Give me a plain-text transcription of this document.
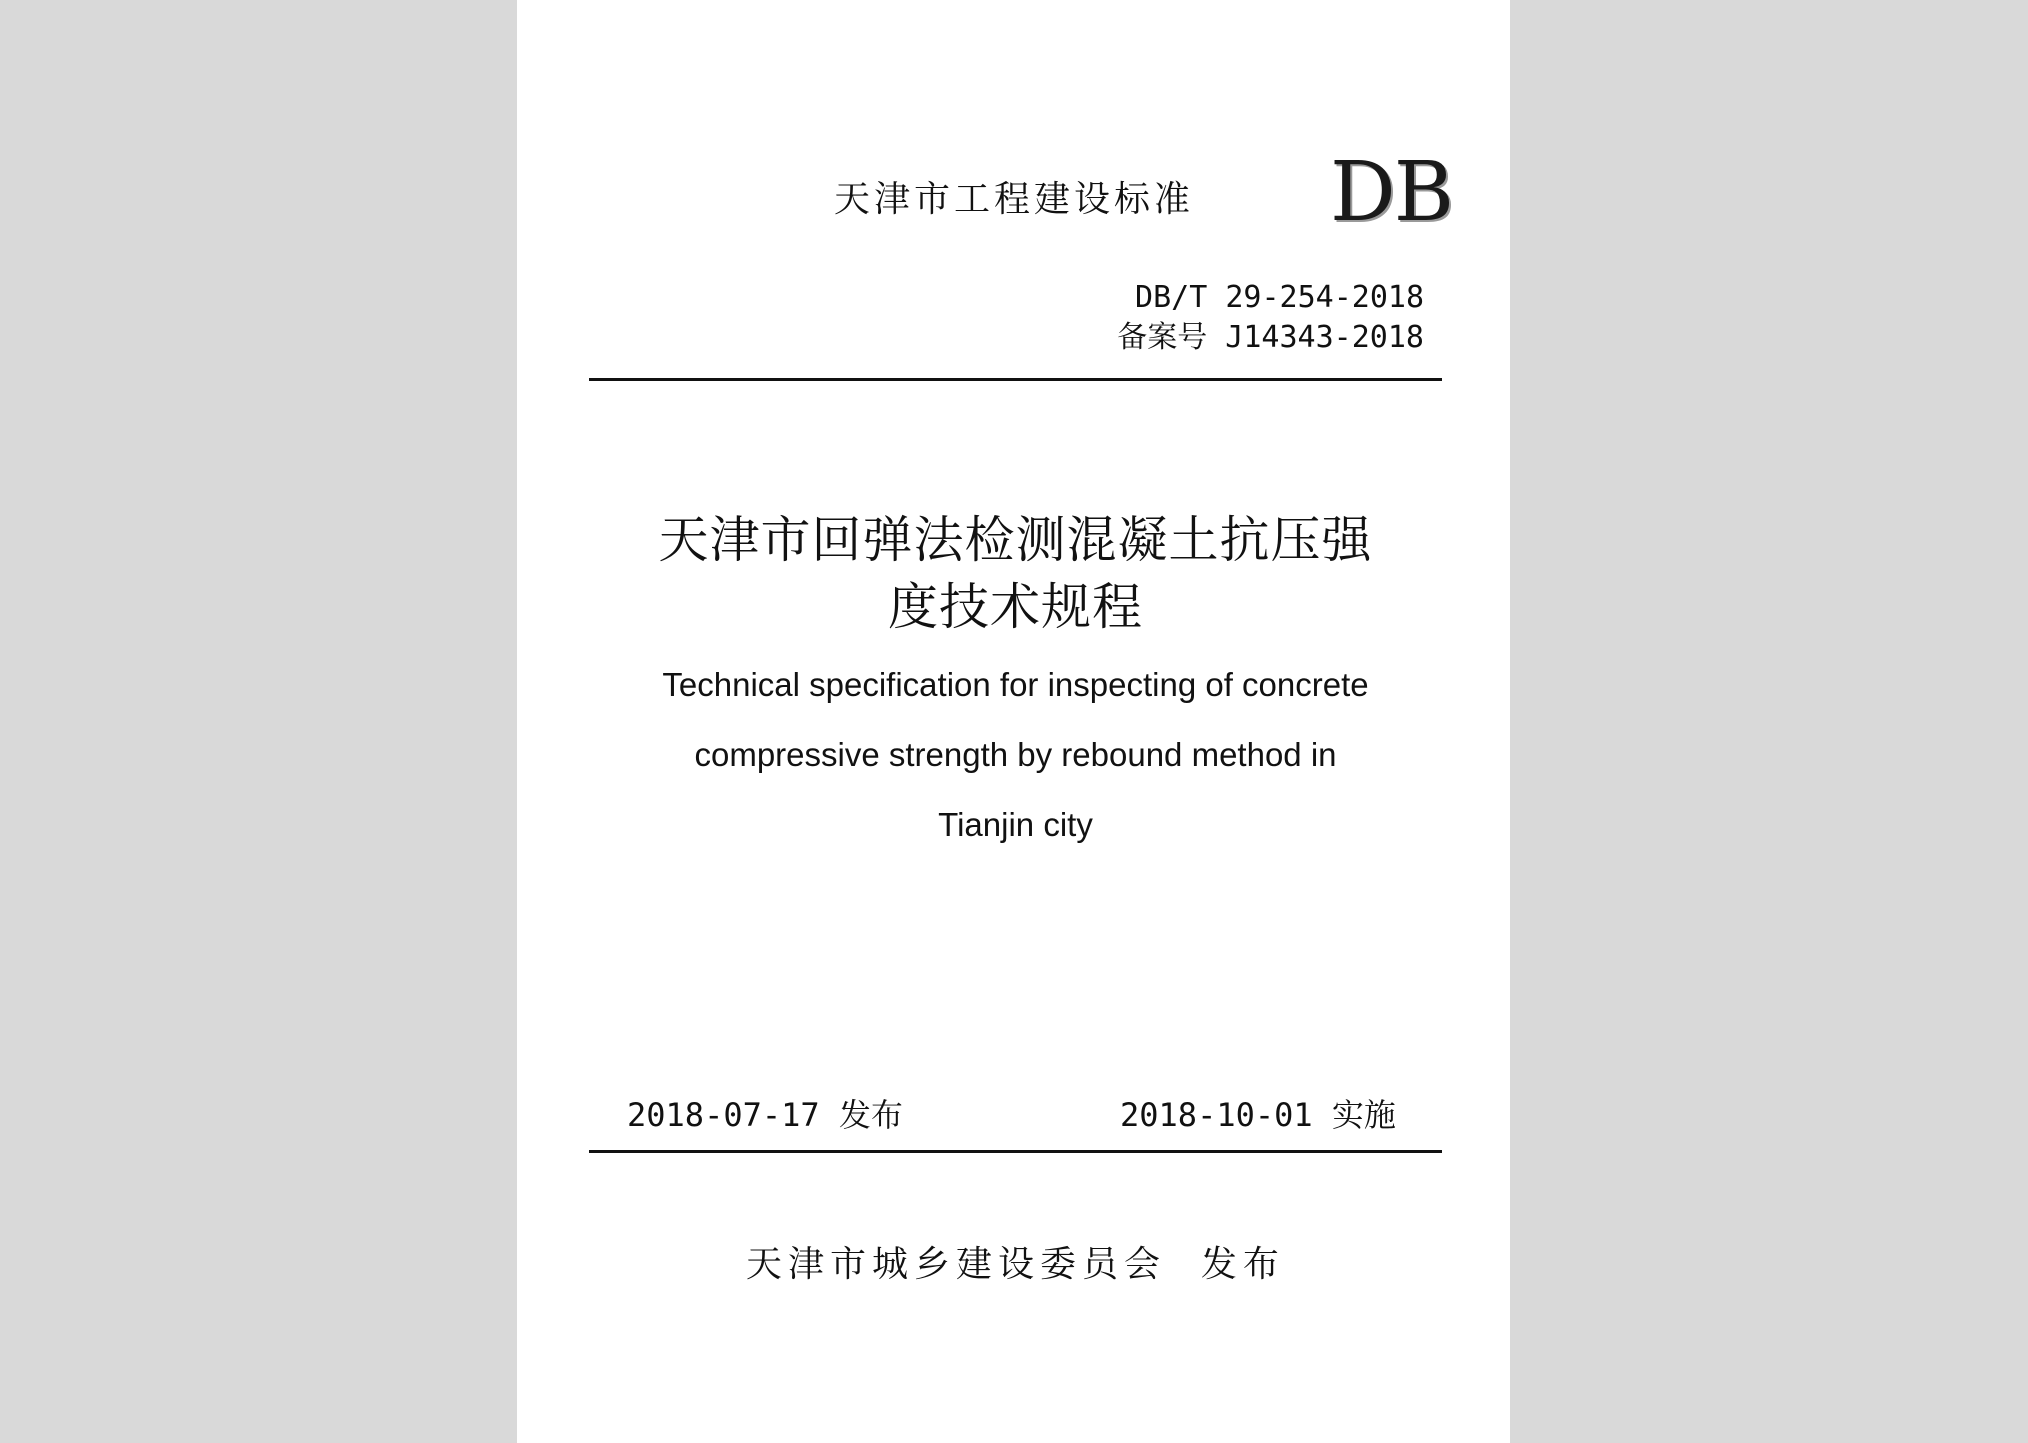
天津市工程建设标准	DB
DB/T 29-254-2018
备案号 J14343-2018
天津市回弹法检测混凝土抗压强
度技术规程
Technical specification for inspecting of concrete
compressive strength by rebound method in
Tianjin city
2018-07-17 发布	2018-10-01 实施
天津市城乡建设委员会  发布
